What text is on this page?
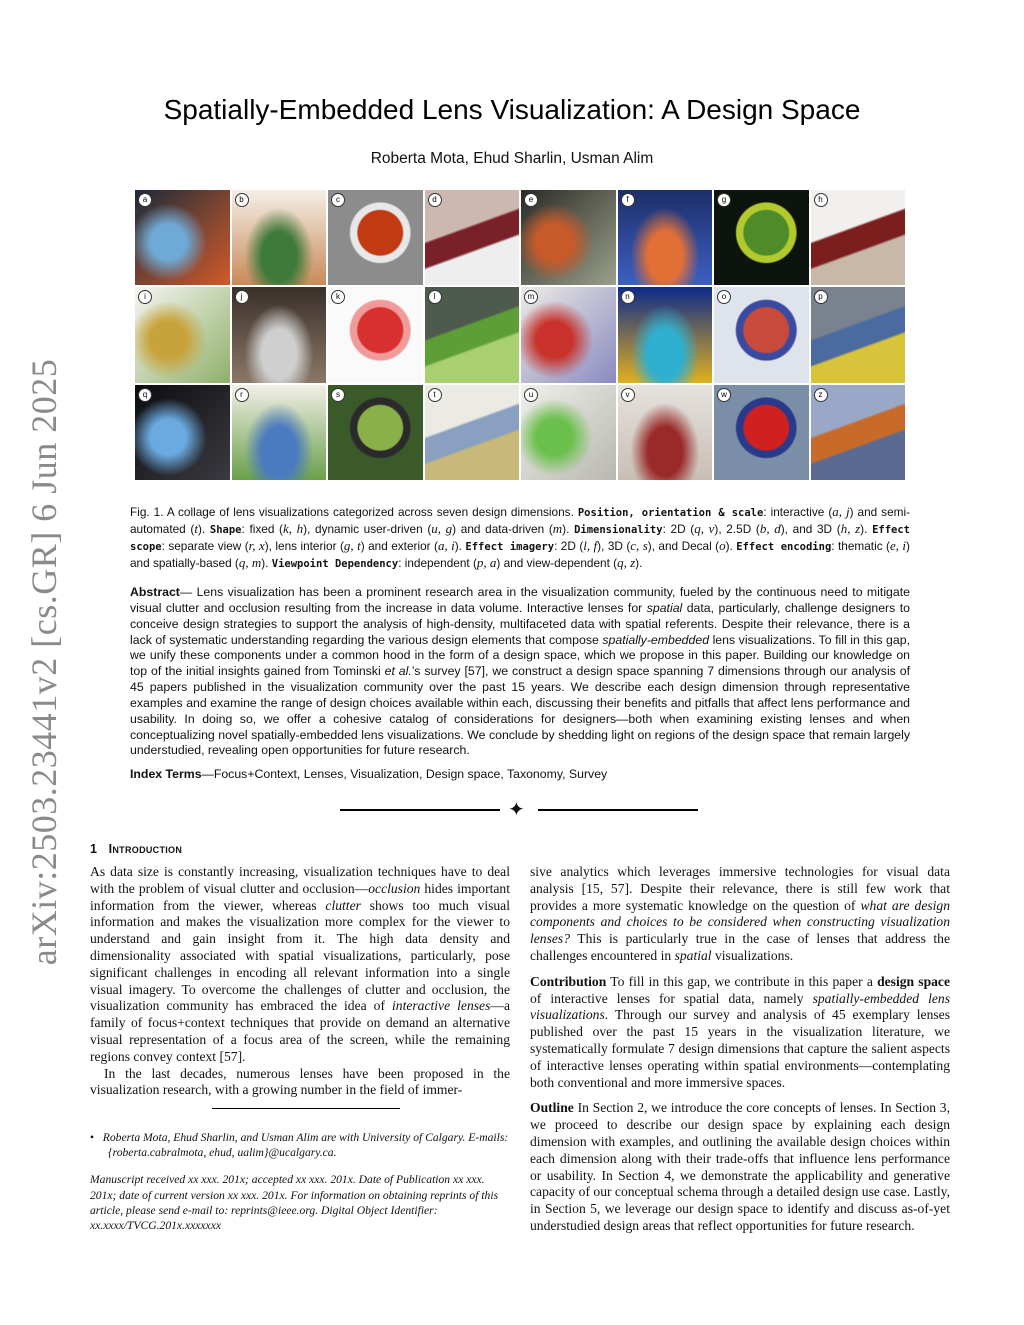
arXiv:2503.23441v2 [cs.GR] 6 Jun 2025
Spatially-Embedded Lens Visualization: A Design Space
Roberta Mota, Ehud Sharlin, Usman Alim
a	b	c	d	e	f	g	h
i	j	k	l	m	n	o	p
q	r	s	t	u	v	w	z
Fig. 1. A collage of lens visualizations categorized across seven design dimensions. Position, orientation & scale: interactive (a, j) and semi-automated (t). Shape: fixed (k, h), dynamic user-driven (u, g) and data-driven (m). Dimensionality: 2D (q, v), 2.5D (b, d), and 3D (h, z). Effect scope: separate view (r, x), lens interior (g, t) and exterior (a, i). Effect imagery: 2D (l, f), 3D (c, s), and Decal (o). Effect encoding: thematic (e, i) and spatially-based (q, m). Viewpoint Dependency: independent (p, a) and view-dependent (q, z).
Abstract— Lens visualization has been a prominent research area in the visualization community, fueled by the continuous need to mitigate visual clutter and occlusion resulting from the increase in data volume. Interactive lenses for spatial data, particularly, challenge designers to conceive design strategies to support the analysis of high-density, multifaceted data with spatial referents. Despite their relevance, there is a lack of systematic understanding regarding the various design elements that compose spatially-embedded lens visualizations. To fill in this gap, we unify these components under a common hood in the form of a design space, which we propose in this paper. Building our knowledge on top of the initial insights gained from Tominski et al.’s survey [57], we construct a design space spanning 7 dimensions through our analysis of 45 papers published in the visualization community over the past 15 years. We describe each design dimension through representative examples and examine the range of design choices available within each, discussing their benefits and pitfalls that affect lens performance and usability. In doing so, we offer a cohesive catalog of considerations for designers—both when examining existing lenses and when conceptualizing novel spatially-embedded lens visualizations. We conclude by shedding light on regions of the design space that remain largely understudied, revealing open opportunities for future research.
Index Terms—Focus+Context, Lenses, Visualization, Design space, Taxonomy, Survey
✦
1 Introduction

As data size is constantly increasing, visualization techniques have to deal with the problem of visual clutter and occlusion—occlusion hides important information from the viewer, whereas clutter shows too much visual information and makes the visualization more complex for the viewer to understand and gain insight from it. The high data density and dimensionality associated with spatial visualizations, particularly, pose significant challenges in encoding all relevant information into a single visual imagery. To overcome the challenges of clutter and occlusion, the visualization community has embraced the idea of interactive lenses—a family of focus+context techniques that provide on demand an alternative visual representation of a focus area of the screen, while the remaining regions convey context [57].

In the last decades, numerous lenses have been proposed in the visualization research, with a growing number in the field of immer-

• Roberta Mota, Ehud Sharlin, and Usman Alim are with University of Calgary. E-mails: {roberta.cabralmota, ehud, ualim}@ucalgary.ca.
Manuscript received xx xxx. 201x; accepted xx xxx. 201x. Date of Publication xx xxx. 201x; date of current version xx xxx. 201x. For information on obtaining reprints of this article, please send e-mail to: reprints@ieee.org. Digital Object Identifier: xx.xxxx/TVCG.201x.xxxxxxx

sive analytics which leverages immersive technologies for visual data analysis [15, 57]. Despite their relevance, there is still few work that provides a more systematic knowledge on the question of what are design components and choices to be considered when constructing visualization lenses? This is particularly true in the case of lenses that address the challenges encountered in spatial visualizations.

Contribution To fill in this gap, we contribute in this paper a design space of interactive lenses for spatial data, namely spatially-embedded lens visualizations. Through our survey and analysis of 45 exemplary lenses published over the past 15 years in the visualization literature, we systematically formulate 7 design dimensions that capture the salient aspects of interactive lenses operating within spatial environments—contemplating both conventional and more immersive spaces.

Outline In Section 2, we introduce the core concepts of lenses. In Section 3, we proceed to describe our design space by explaining each design dimension with examples, and outlining the available design choices within each dimension along with their trade-offs that influence lens performance or usability. In Section 4, we demonstrate the applicability and generative capacity of our conceptual schema through a detailed design use case. Lastly, in Section 5, we leverage our design space to identify and discuss as-of-yet understudied design areas that reflect opportunities for future research.
